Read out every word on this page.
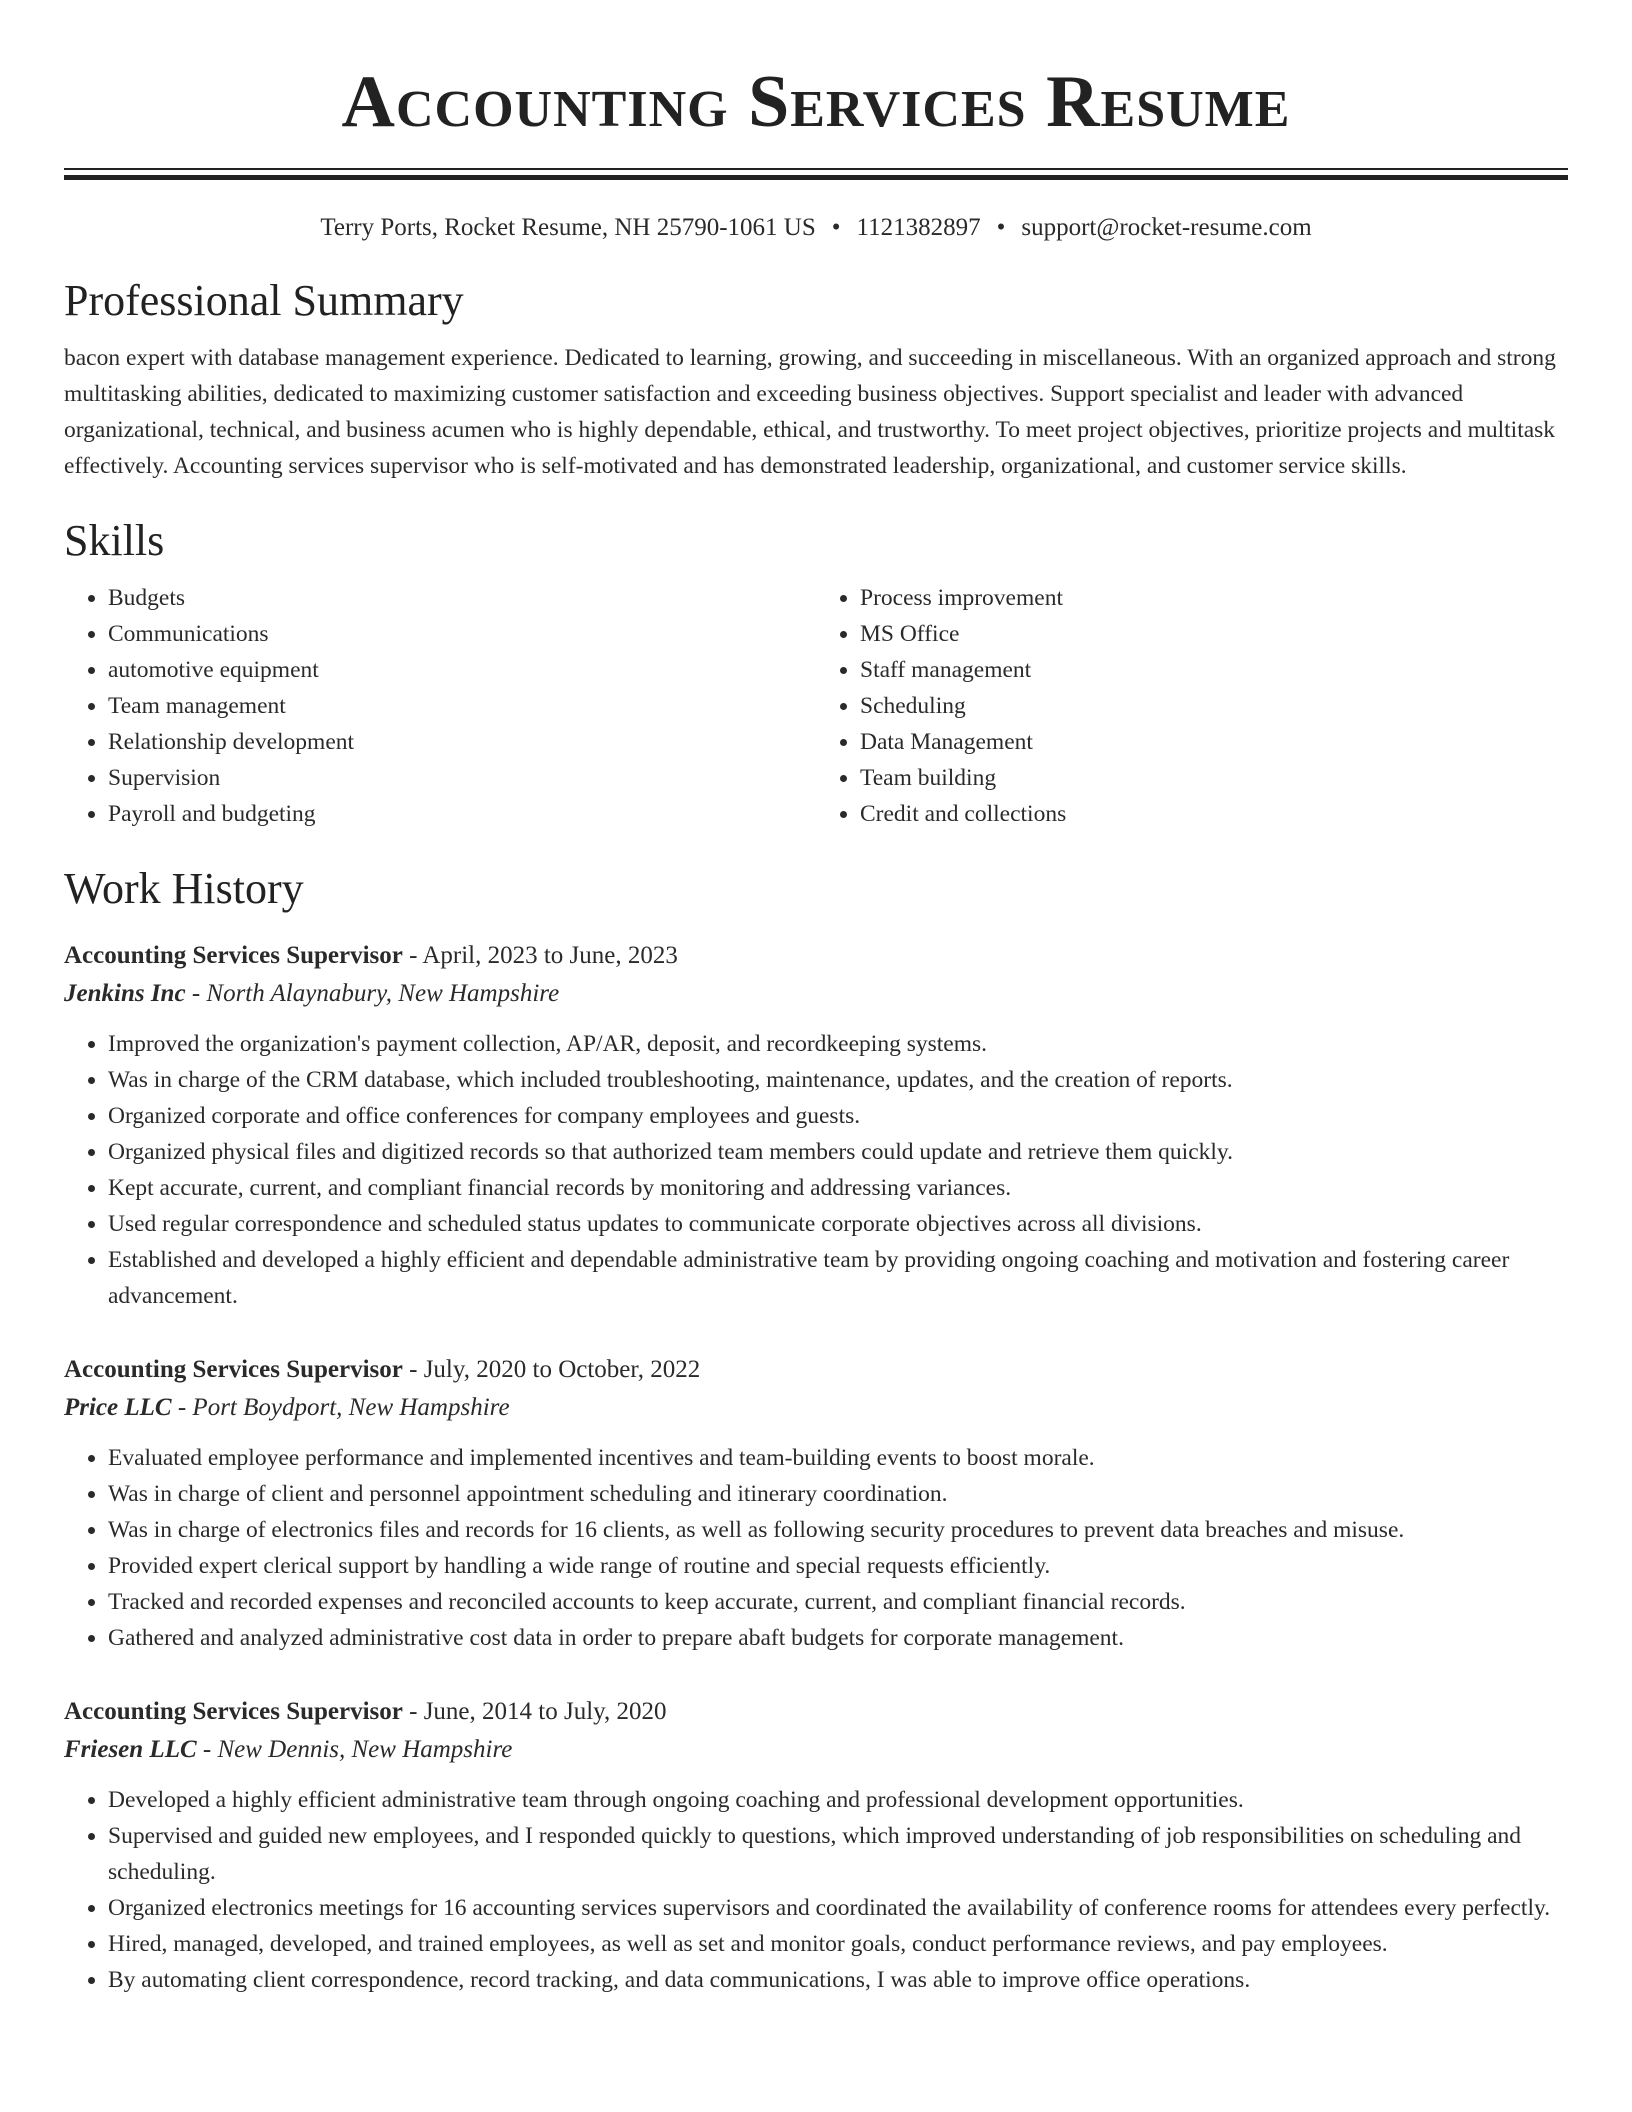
Accounting Services Resume
Terry Ports, Rocket Resume, NH 25790-1061 US • 1121382897 • support@rocket-resume.com
Professional Summary

bacon expert with database management experience. Dedicated to learning, growing, and succeeding in miscellaneous. With an organized approach and strong multitasking abilities, dedicated to maximizing customer satisfaction and exceeding business objectives. Support specialist and leader with advanced organizational, technical, and business acumen who is highly dependable, ethical, and trustworthy. To meet project objectives, prioritize projects and multitask effectively. Accounting services supervisor who is self-motivated and has demonstrated leadership, organizational, and customer service skills.

Skills
• Budgets
• Communications
• automotive equipment
• Team management
• Relationship development
• Supervision
• Payroll and budgeting
• Process improvement
• MS Office
• Staff management
• Scheduling
• Data Management
• Team building
• Credit and collections
Work History

Accounting Services Supervisor - April, 2023 to June, 2023

Jenkins Inc - North Alaynabury, New Hampshire

• Improved the organization's payment collection, AP/AR, deposit, and recordkeeping systems.
• Was in charge of the CRM database, which included troubleshooting, maintenance, updates, and the creation of reports.
• Organized corporate and office conferences for company employees and guests.
• Organized physical files and digitized records so that authorized team members could update and retrieve them quickly.
• Kept accurate, current, and compliant financial records by monitoring and addressing variances.
• Used regular correspondence and scheduled status updates to communicate corporate objectives across all divisions.
• Established and developed a highly efficient and dependable administrative team by providing ongoing coaching and motivation and fostering career advancement.

Accounting Services Supervisor - July, 2020 to October, 2022

Price LLC - Port Boydport, New Hampshire

• Evaluated employee performance and implemented incentives and team-building events to boost morale.
• Was in charge of client and personnel appointment scheduling and itinerary coordination.
• Was in charge of electronics files and records for 16 clients, as well as following security procedures to prevent data breaches and misuse.
• Provided expert clerical support by handling a wide range of routine and special requests efficiently.
• Tracked and recorded expenses and reconciled accounts to keep accurate, current, and compliant financial records.
• Gathered and analyzed administrative cost data in order to prepare abaft budgets for corporate management.

Accounting Services Supervisor - June, 2014 to July, 2020

Friesen LLC - New Dennis, New Hampshire

• Developed a highly efficient administrative team through ongoing coaching and professional development opportunities.
• Supervised and guided new employees, and I responded quickly to questions, which improved understanding of job responsibilities on scheduling and scheduling.
• Organized electronics meetings for 16 accounting services supervisors and coordinated the availability of conference rooms for attendees every perfectly.
• Hired, managed, developed, and trained employees, as well as set and monitor goals, conduct performance reviews, and pay employees.
• By automating client correspondence, record tracking, and data communications, I was able to improve office operations.
